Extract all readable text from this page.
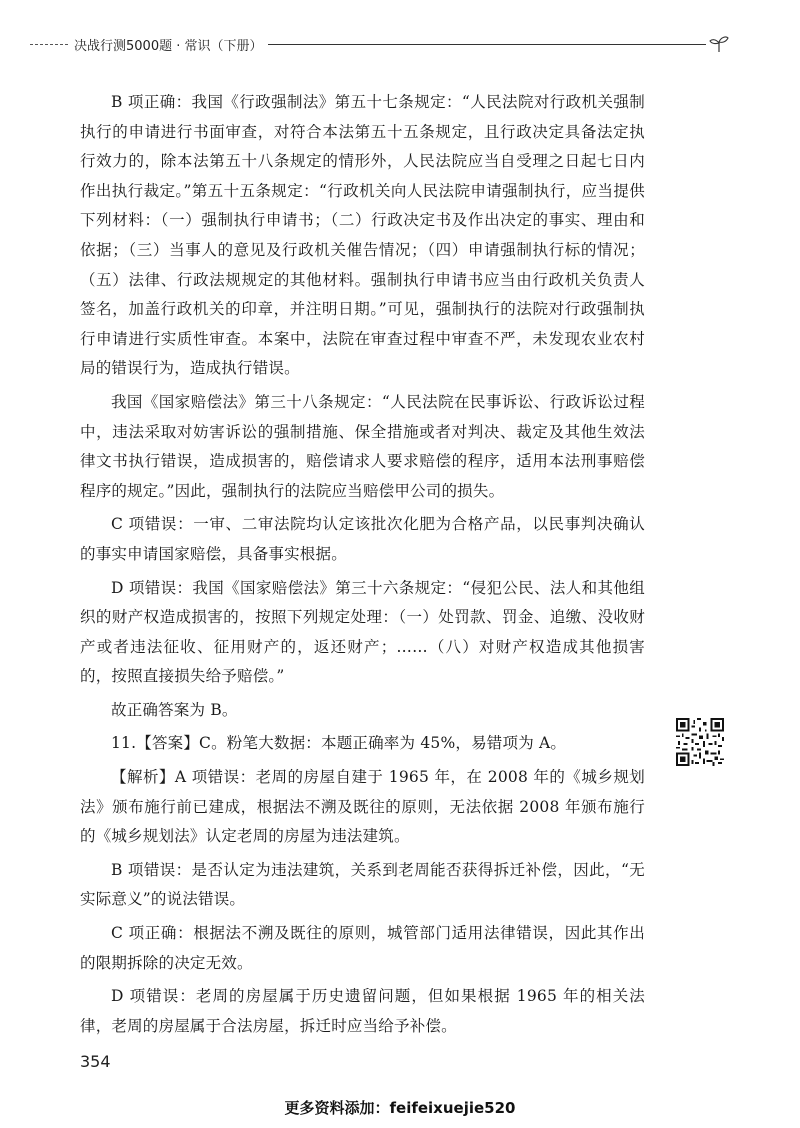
决战行测5000题 · 常识（下册）

B 项正确：我国《行政强制法》第五十七条规定：“人民法院对行政机关强制执行的申请进行书面审查，对符合本法第五十五条规定，且行政决定具备法定执行效力的，除本法第五十八条规定的情形外，人民法院应当自受理之日起七日内作出执行裁定。”第五十五条规定：“行政机关向人民法院申请强制执行，应当提供下列材料：（一）强制执行申请书；（二）行政决定书及作出决定的事实、理由和依据；（三）当事人的意见及行政机关催告情况；（四）申请强制执行标的情况；（五）法律、行政法规规定的其他材料。强制执行申请书应当由行政机关负责人签名，加盖行政机关的印章，并注明日期。”可见，强制执行的法院对行政强制执行申请进行实质性审查。本案中，法院在审查过程中审查不严，未发现农业农村局的错误行为，造成执行错误。

我国《国家赔偿法》第三十八条规定：“人民法院在民事诉讼、行政诉讼过程中，违法采取对妨害诉讼的强制措施、保全措施或者对判决、裁定及其他生效法律文书执行错误，造成损害的，赔偿请求人要求赔偿的程序，适用本法刑事赔偿程序的规定。”因此，强制执行的法院应当赔偿甲公司的损失。

C 项错误：一审、二审法院均认定该批次化肥为合格产品，以民事判决确认的事实申请国家赔偿，具备事实根据。

D 项错误：我国《国家赔偿法》第三十六条规定：“侵犯公民、法人和其他组织的财产权造成损害的，按照下列规定处理：（一）处罚款、罚金、追缴、没收财产或者违法征收、征用财产的，返还财产；……（八）对财产权造成其他损害的，按照直接损失给予赔偿。”

故正确答案为 B。

11.【答案】C。粉笔大数据：本题正确率为 45%，易错项为 A。

【解析】A 项错误：老周的房屋自建于 1965 年，在 2008 年的《城乡规划法》颁布施行前已建成，根据法不溯及既往的原则，无法依据 2008 年颁布施行的《城乡规划法》认定老周的房屋为违法建筑。

B 项错误：是否认定为违法建筑，关系到老周能否获得拆迁补偿，因此，“无实际意义”的说法错误。

C 项正确：根据法不溯及既往的原则，城管部门适用法律错误，因此其作出的限期拆除的决定无效。

D 项错误：老周的房屋属于历史遗留问题，但如果根据 1965 年的相关法律，老周的房屋属于合法房屋，拆迁时应当给予补偿。

354
更多资料添加：feifeixuejie520
